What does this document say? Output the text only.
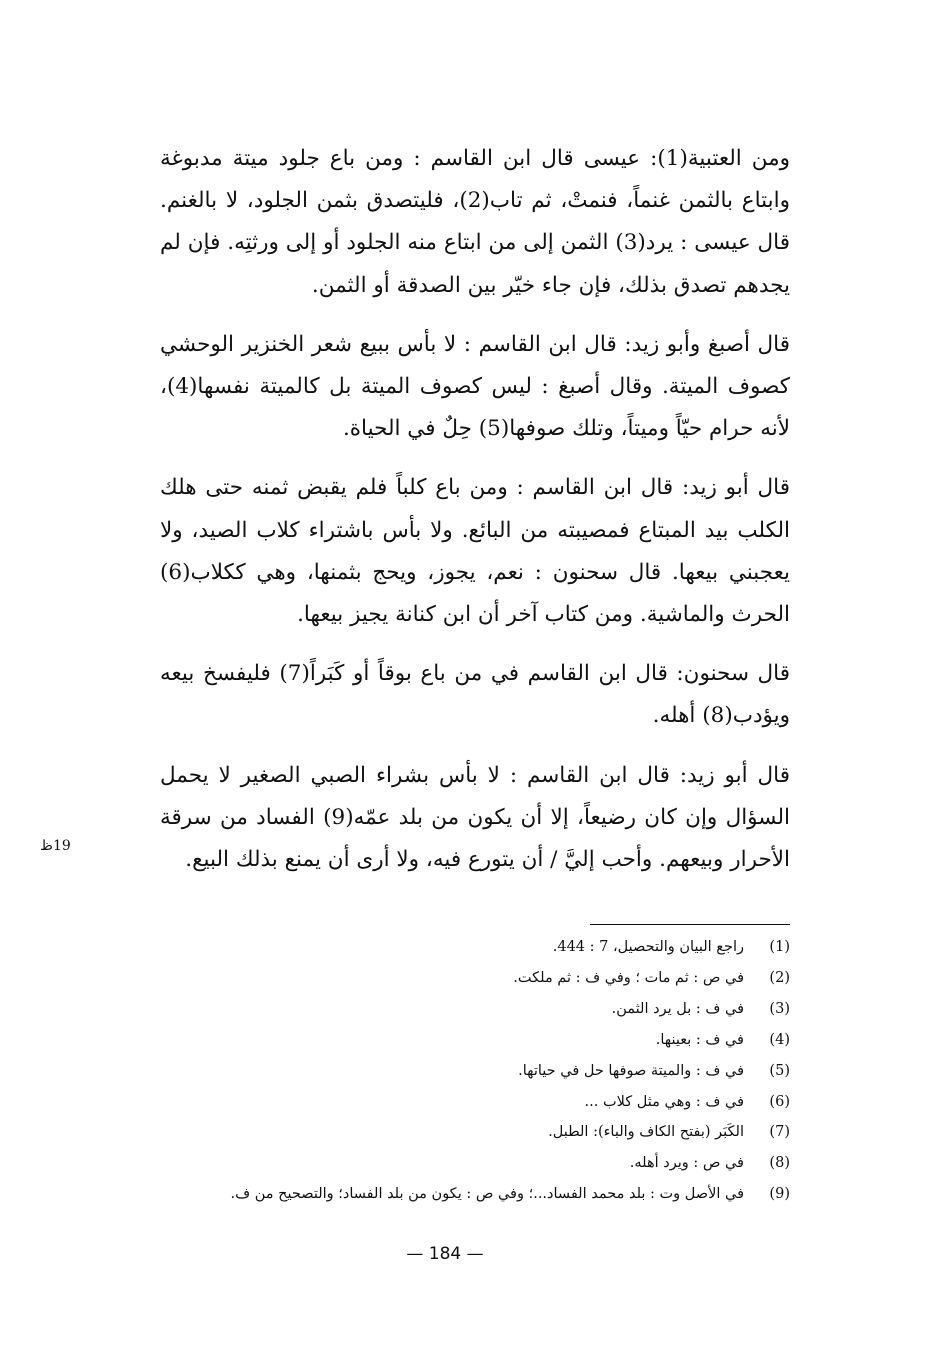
ومن العتبية(1): عيسى قال ابن القاسم : ومن باع جلود ميتة مدبوغة وابتاع بالثمن غنماً، فنمتْ، ثم تاب(2)، فليتصدق بثمن الجلود، لا بالغنم. قال عيسى : يرد(3) الثمن إلى من ابتاع منه الجلود أو إلى ورثتِه. فإن لم يجدهم تصدق بذلك، فإن جاء خيّر بين الصدقة أو الثمن.

قال أصبغ وأبو زيد: قال ابن القاسم : لا بأس ببيع شعر الخنزير الوحشي كصوف الميتة. وقال أصبغ : ليس كصوف الميتة بل كالميتة نفسها(4)، لأنه حرام حيّاً وميتاً، وتلك صوفها(5) حِلٌ في الحياة.

قال أبو زيد: قال ابن القاسم : ومن باع كلباً فلم يقبض ثمنه حتى هلك الكلب بيد المبتاع فمصيبته من البائع. ولا بأس باشتراء كلاب الصيد، ولا يعجبني بيعها. قال سحنون : نعم، يجوز، ويحج بثمنها، وهي ككلاب(6) الحرث والماشية. ومن كتاب آخر أن ابن كنانة يجيز بيعها.

قال سحنون: قال ابن القاسم في من باع بوقاً أو كَبَراً(7) فليفسخ بيعه ويؤدب(8) أهله.

قال أبو زيد: قال ابن القاسم : لا بأس بشراء الصبي الصغير لا يحمل السؤال وإن كان رضيعاً، إلا أن يكون من بلد عمّه(9) الفساد من سرقة الأحرار وبيعهم. وأحب إليَّ / أن يتورع فيه، ولا أرى أن يمنع بذلك البيع.

19ظ
(1)
راجع البيان والتحصيل، 7 : 444.
(2)
في ص : ثم مات ؛ وفي ف : ثم ملكت.
(3)
في ف : بل يرد الثمن.
(4)
في ف : بعينها.
(5)
في ف : والميتة صوفها حل في حياتها.
(6)
في ف : وهي مثل كلاب ...
(7)
الكَبَر (بفتح الكاف والباء): الطبل.
(8)
في ص : ويرد أهله.
(9)
في الأصل وت : بلد محمد الفساد...؛ وفي ص : يكون من بلد الفساد؛ والتصحيح من ف.
— 184 —
